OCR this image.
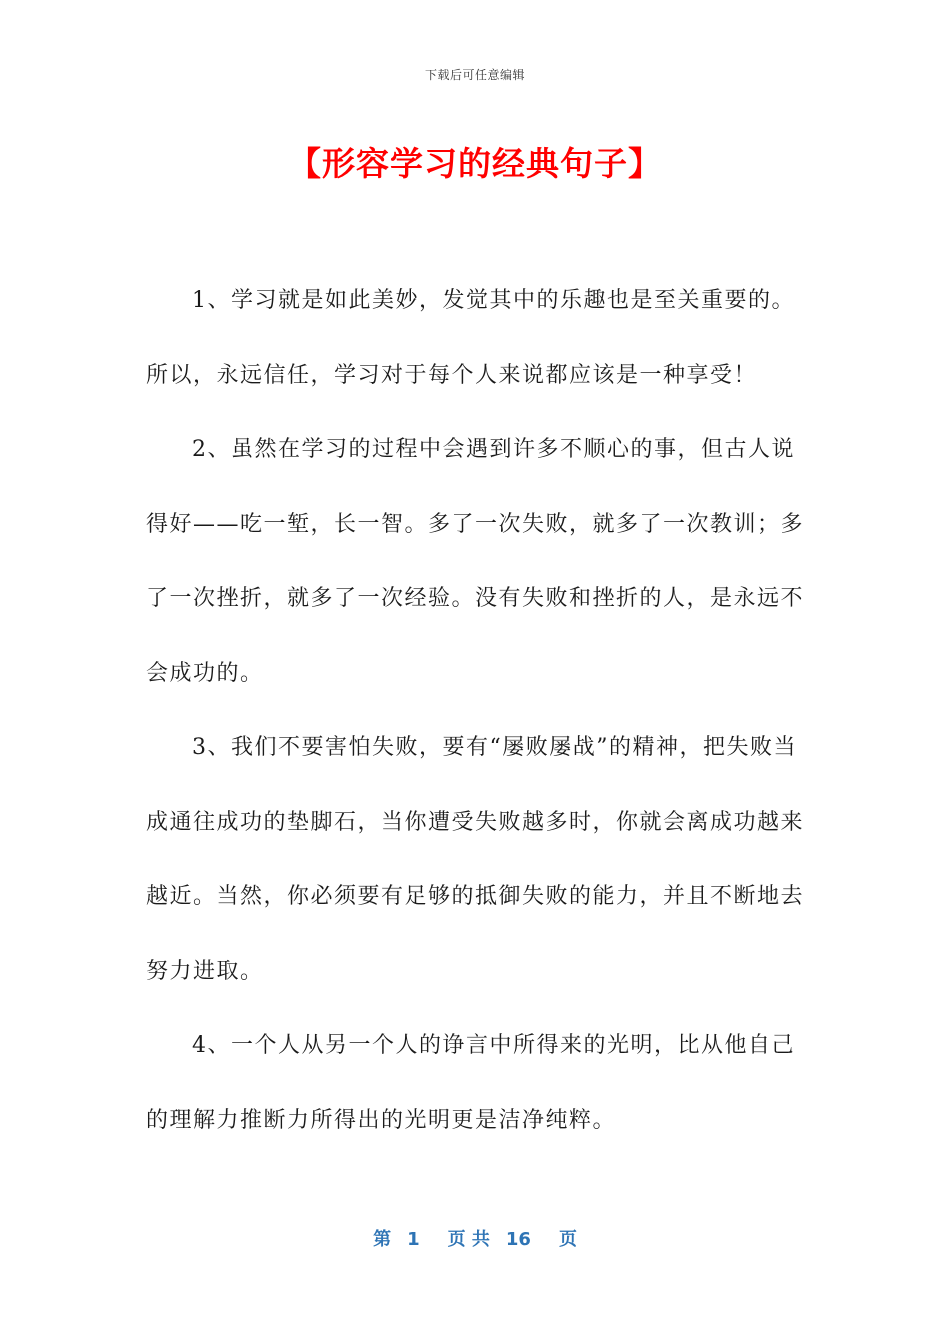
下载后可任意编辑
【形容学习的经典句子】

1、学习就是如此美妙，发觉其中的乐趣也是至关重要的。所以，永远信任，学习对于每个人来说都应该是一种享受！

2、虽然在学习的过程中会遇到许多不顺心的事，但古人说得好——吃一堑，长一智。多了一次失败，就多了一次教训；多了一次挫折，就多了一次经验。没有失败和挫折的人，是永远不会成功的。

3、我们不要害怕失败，要有“屡败屡战”的精神，把失败当成通往成功的垫脚石，当你遭受失败越多时，你就会离成功越来越近。当然，你必须要有足够的抵御失败的能力，并且不断地去努力进取。

4、一个人从另一个人的诤言中所得来的光明，比从他自己的理解力推断力所得出的光明更是洁净纯粹。

第 1 页 共 16 页
